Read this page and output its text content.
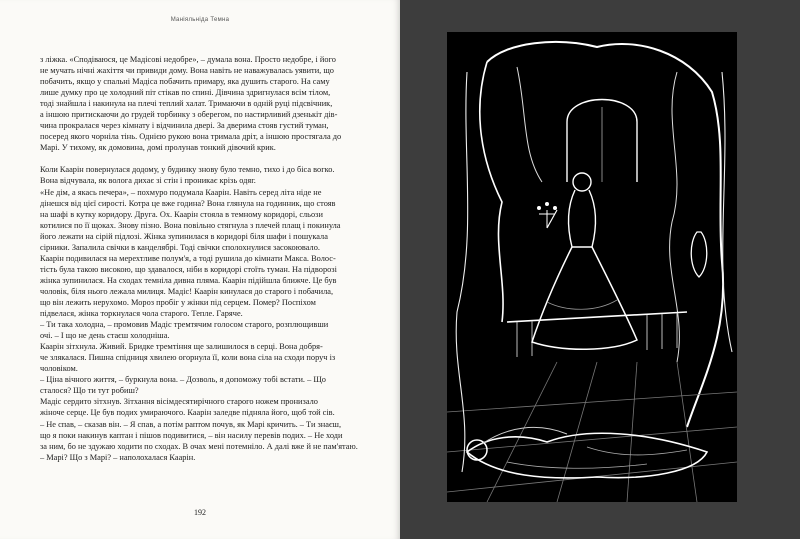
Маніяльніда Темна
з ліжка. «Сподіваюся, це Мадісові недобре», – думала вона. Просто недобре, і його
не мучать нічні жахіття чи привиди дому. Вона навіть не наважувалась уявити, що
побачить, якщо у спальні Мадіса побачить примару, яка душить старого. На саму
лише думку про це холодний піт стікав по спині. Дівчина здригнулася всім тілом,
тоді знайшла і накинула на плечі теплий халат. Тримаючи в одній руці підсвічник,
а іншою притискаючи до грудей торбинку з оберегом, по настирливий дзенькіт дів-
чина прокралася через кімнату і відчинила двері. За дверима стояв густий туман,
посеред якого чорніла тінь. Однією рукою вона тримала дріт, а іншою простягала до
Марі. У тихому, як домовина, домі пролунав тонкий дівочий крик.
Коли Каарін повернулася додому, у будинку знову було темно, тихо і до біса вогко.
Вона відчувала, як волога дихає зі стін і проникає крізь одяг.
«Не дім, а якась печера», – похмуро подумала Каарін. Навіть серед літа ніде не
дінешся від цієї сирості. Котра це вже година? Вона глянула на годинник, що стояв
на шафі в кутку коридору. Друга. Ох. Каарін стояла в темному коридорі, сльози
котилися по її щоках. Знову пізно. Вона повільно стягнула з плечей плащ і покинула
його лежати на сірій підлозі. Жінка зупинилася в коридорі біля шафи і пошукала
сірники. Запалила свічки в канделябрі. Тоді свічки сполохнулися засокоювало.
Каарін подивилася на мерехтливе полум'я, а тоді рушила до кімнати Макса. Волос-
тість була такою високою, що здавалося, ніби в коридорі стоїть туман. На підворозі
жінка зупинилася. На сходах темніла дивна пляма. Каарін підійшла ближче. Це був
чоловік, біля нього лежала милиця. Мадіс! Каарін кинулася до старого і побачила,
що він лежить нерухомо. Мороз пробіг у жінки під серцем. Помер? Поспіхом
підвелася, жінка торкнулася чола старого. Тепле. Гаряче.
– Ти така холодна, – промовив Мадіс тремтячим голосом старого, розплющивши
очі. – І що не день стаєш холоднішa.
Каарін зітхнула. Живий. Бридке тремтіння ще залишилося в серці. Вона добря-
че злякалася. Пишна спідниця хвилею огорнула її, коли вона сіла на сходи поруч із
чоловіком.
– Ціна вічного життя, – буркнула вона. – Дозволь, я допоможу тобі встати. – Що
сталося? Що ти тут робиш?
Мадіс сердито зітхнув. Зітхання вісімдесятирічного старого ножем пронизало
жіноче серце. Це був подих умираючого. Каарін заледве підняла його, щоб той сів.
– Не спав, – сказав він. – Я спав, а потім раптом почув, як Марі кричить. – Ти знаєш,
що я поки накинув каптан і пішов подивитися, – він насилу перевів подих. – Не ходи
за ним, бо не здужаю ходити по сходах. В очах мені потемніло. А далі вже й не пам'ятаю.
– Марі? Що з Марі? – наполохалася Каарін.
192
